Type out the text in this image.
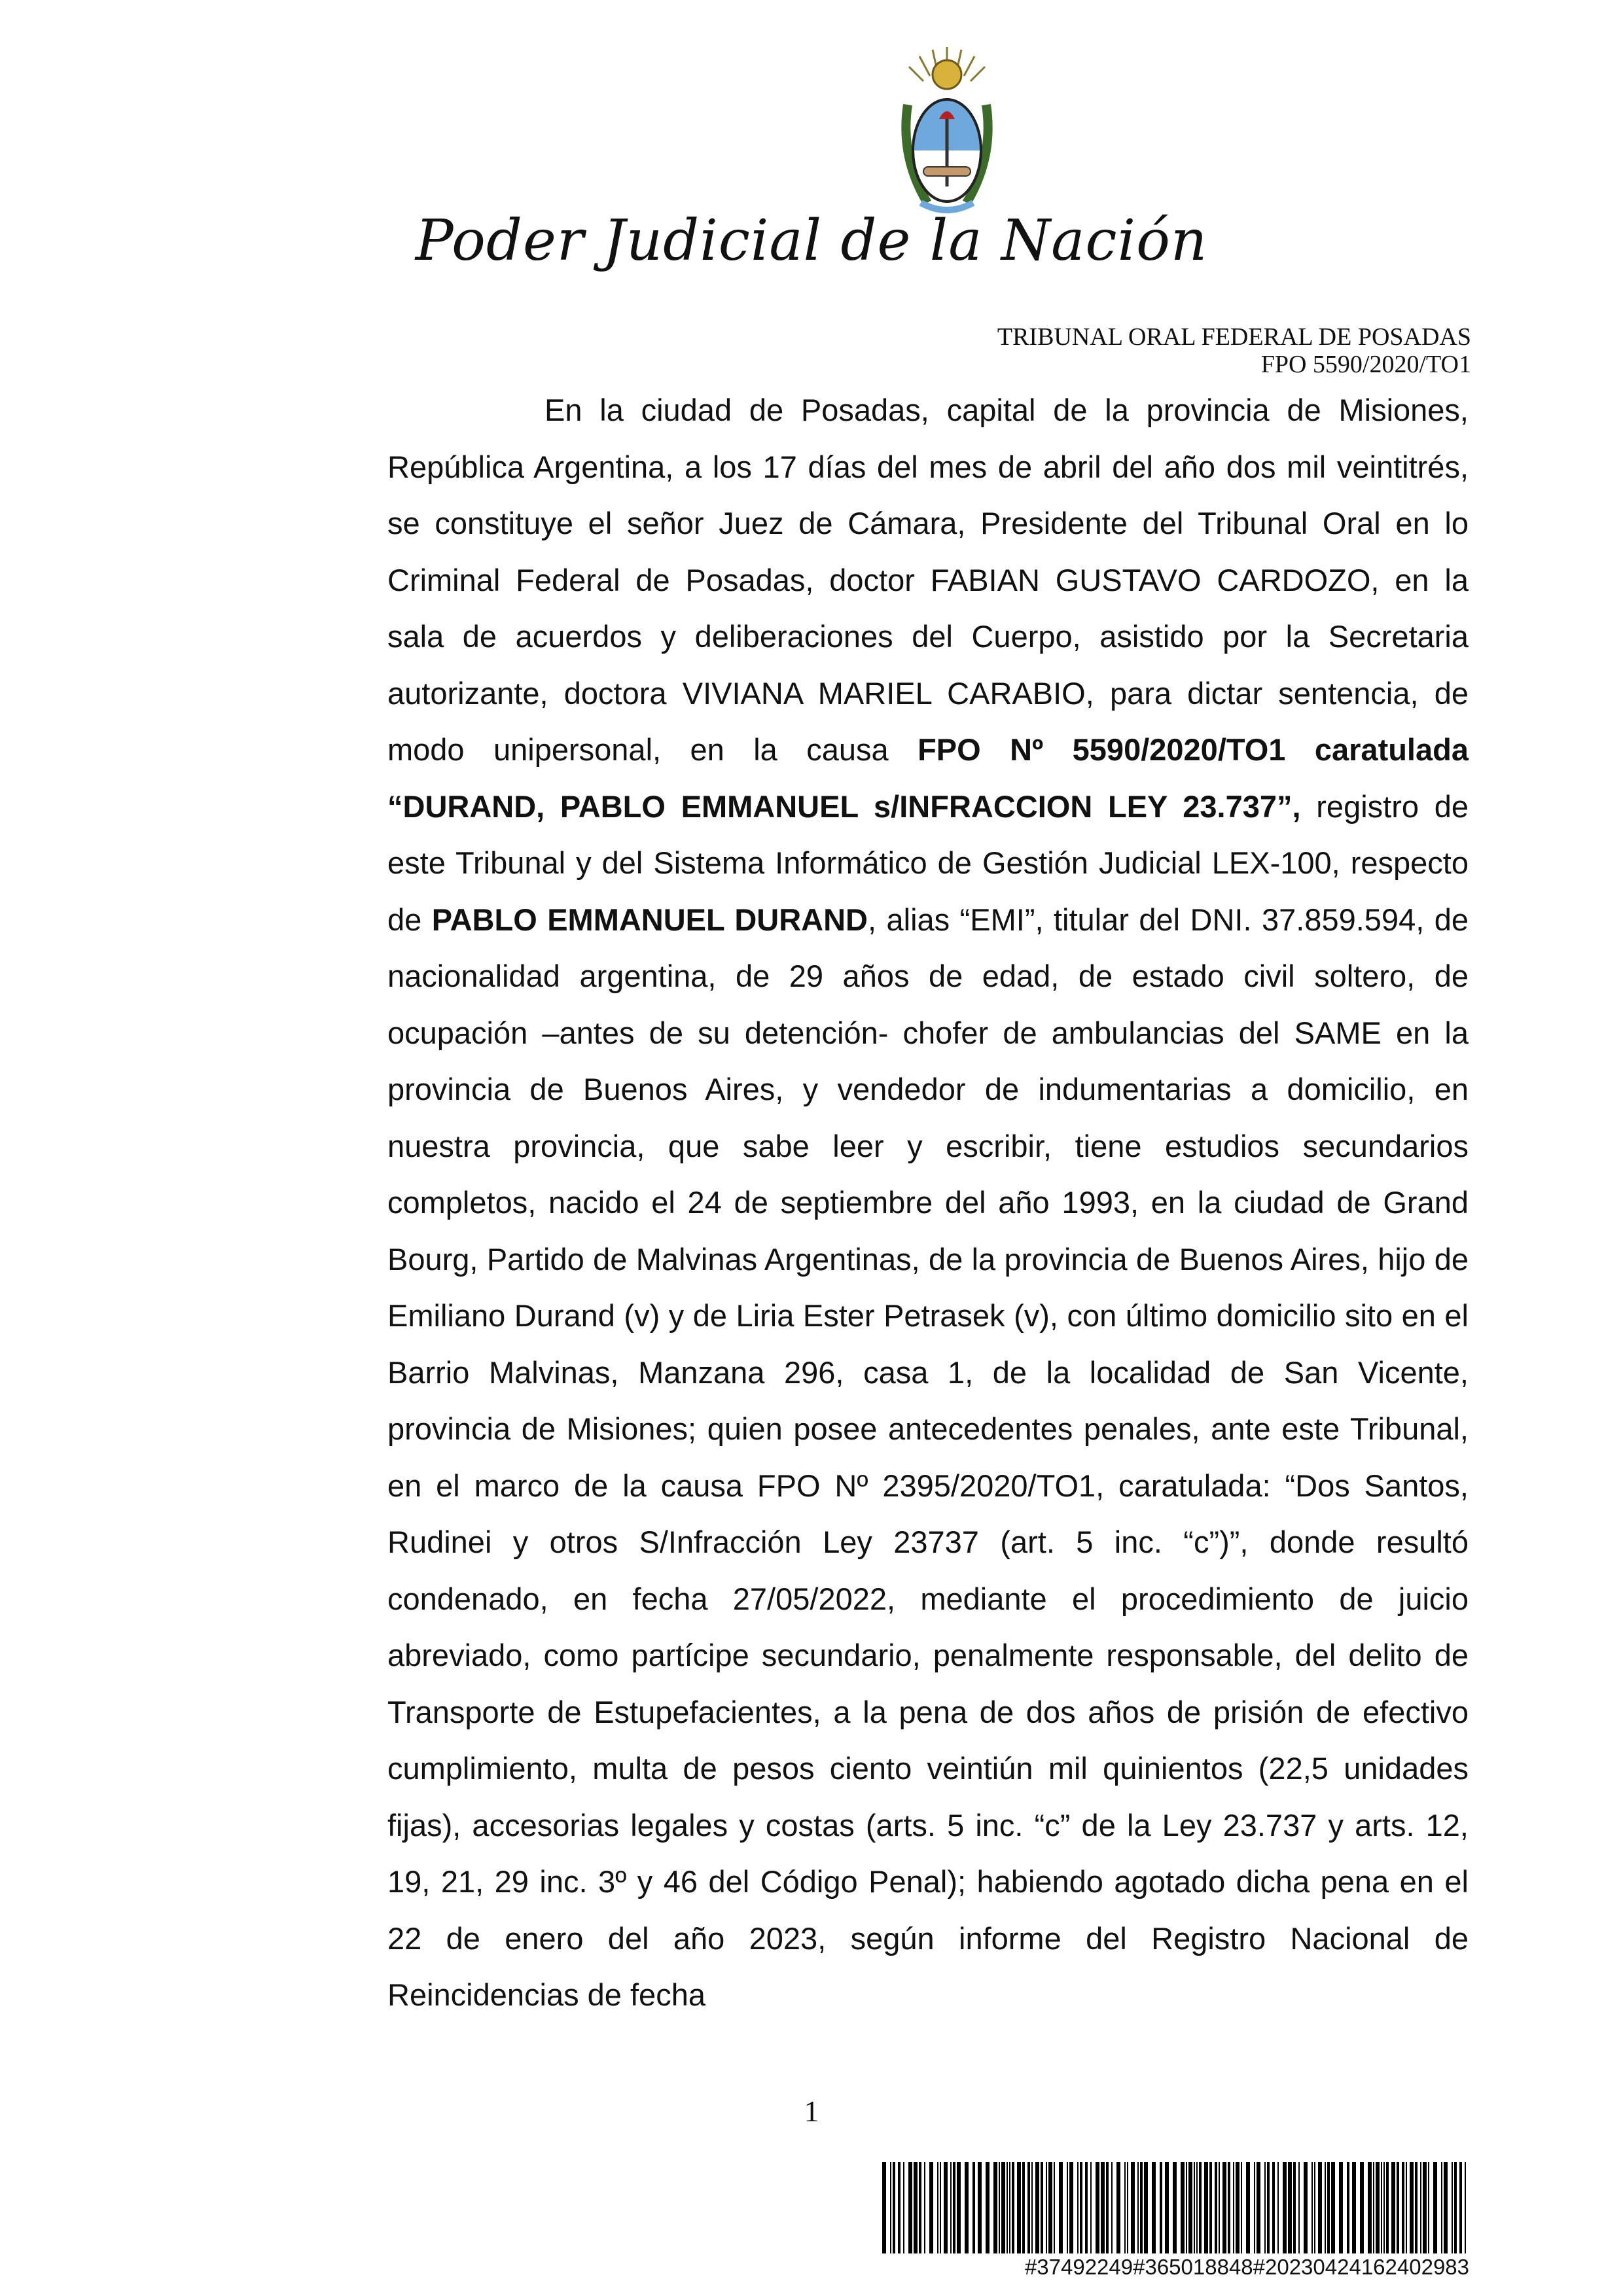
Poder Judicial de la Nación
TRIBUNAL ORAL FEDERAL DE POSADAS
FPO 5590/2020/TO1

En la ciudad de Posadas, capital de la provincia de Misiones, República Argentina, a los 17 días del mes de abril del año dos mil veintitrés, se constituye el señor Juez de Cámara, Presidente del Tribunal Oral en lo Criminal Federal de Posadas, doctor FABIAN GUSTAVO CARDOZO, en la sala de acuerdos y deliberaciones del Cuerpo, asistido por la Secretaria autorizante, doctora VIVIANA MARIEL CARABIO, para dictar sentencia, de modo unipersonal, en la causa FPO Nº 5590/2020/TO1 caratulada “DURAND, PABLO EMMANUEL s/INFRACCION LEY 23.737”, registro de este Tribunal y del Sistema Informático de Gestión Judicial LEX-100, respecto de PABLO EMMANUEL DURAND, alias “EMI”, titular del DNI. 37.859.594, de nacionalidad argentina, de 29 años de edad, de estado civil soltero, de ocupación –antes de su detención- chofer de ambulancias del SAME en la provincia de Buenos Aires, y vendedor de indumentarias a domicilio, en nuestra provincia, que sabe leer y escribir, tiene estudios secundarios completos, nacido el 24 de septiembre del año 1993, en la ciudad de Grand Bourg, Partido de Malvinas Argentinas, de la provincia de Buenos Aires, hijo de Emiliano Durand (v) y de Liria Ester Petrasek (v), con último domicilio sito en el Barrio Malvinas, Manzana 296, casa 1, de la localidad de San Vicente, provincia de Misiones; quien posee antecedentes penales, ante este Tribunal, en el marco de la causa FPO Nº 2395/2020/TO1, caratulada: “Dos Santos, Rudinei y otros S/Infracción Ley 23737 (art. 5 inc. “c”)”, donde resultó condenado, en fecha 27/05/2022, mediante el procedimiento de juicio abreviado, como partícipe secundario, penalmente responsable, del delito de Transporte de Estupefacientes, a la pena de dos años de prisión de efectivo cumplimiento, multa de pesos ciento veintiún mil quinientos (22,5 unidades fijas), accesorias legales y costas (arts. 5 inc. “c” de la Ley 23.737 y arts. 12, 19, 21, 29 inc. 3º y 46 del Código Penal); habiendo agotado dicha pena en el 22 de enero del año 2023, según informe del Registro Nacional de Reincidencias de fecha

1
#37492249#365018848#20230424162402983
